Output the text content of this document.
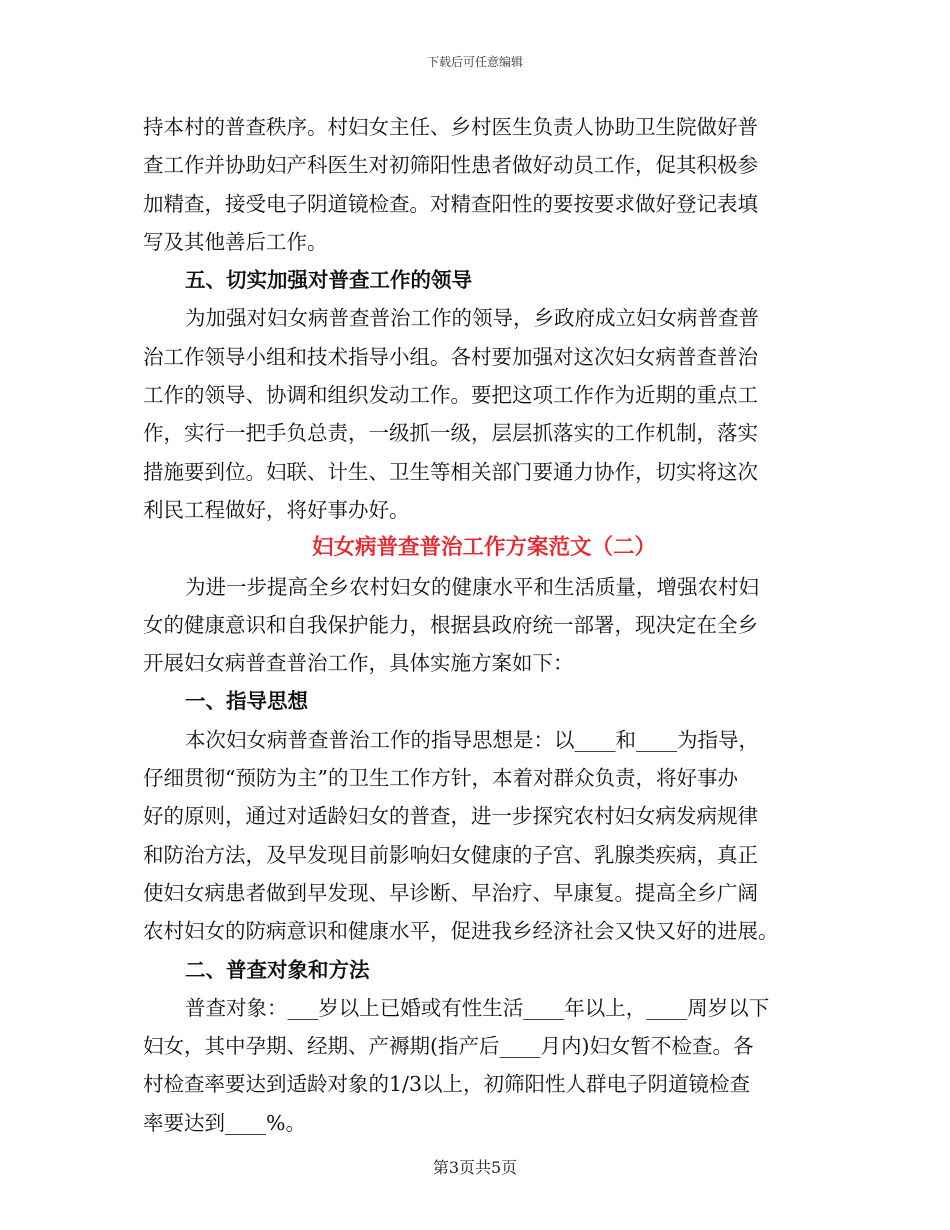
下载后可任意编辑
持本村的普查秩序。村妇女主任、乡村医生负责人协助卫生院做好普
查工作并协助妇产科医生对初筛阳性患者做好动员工作，促其积极参
加精查，接受电子阴道镜检查。对精查阳性的要按要求做好登记表填
写及其他善后工作。
五、切实加强对普查工作的领导
为加强对妇女病普查普治工作的领导，乡政府成立妇女病普查普
治工作领导小组和技术指导小组。各村要加强对这次妇女病普查普治
工作的领导、协调和组织发动工作。要把这项工作作为近期的重点工
作，实行一把手负总责，一级抓一级，层层抓落实的工作机制，落实
措施要到位。妇联、计生、卫生等相关部门要通力协作，切实将这次
利民工程做好，将好事办好。
妇女病普查普治工作方案范文（二）
为进一步提高全乡农村妇女的健康水平和生活质量，增强农村妇
女的健康意识和自我保护能力，根据县政府统一部署，现决定在全乡
开展妇女病普查普治工作，具体实施方案如下：
一、指导思想
本次妇女病普查普治工作的指导思想是：以____和____为指导，
仔细贯彻“预防为主”的卫生工作方针，本着对群众负责，将好事办
好的原则，通过对适龄妇女的普查，进一步探究农村妇女病发病规律
和防治方法，及早发现目前影响妇女健康的子宫、乳腺类疾病，真正
使妇女病患者做到早发现、早诊断、早治疗、早康复。提高全乡广阔
农村妇女的防病意识和健康水平，促进我乡经济社会又快又好的进展。
二、普查对象和方法
普查对象：___岁以上已婚或有性生活____年以上，____周岁以下
妇女，其中孕期、经期、产褥期(指产后____月内)妇女暂不检查。各
村检查率要达到适龄对象的1/3以上，初筛阳性人群电子阴道镜检查
率要达到____%。
第3页共5页
